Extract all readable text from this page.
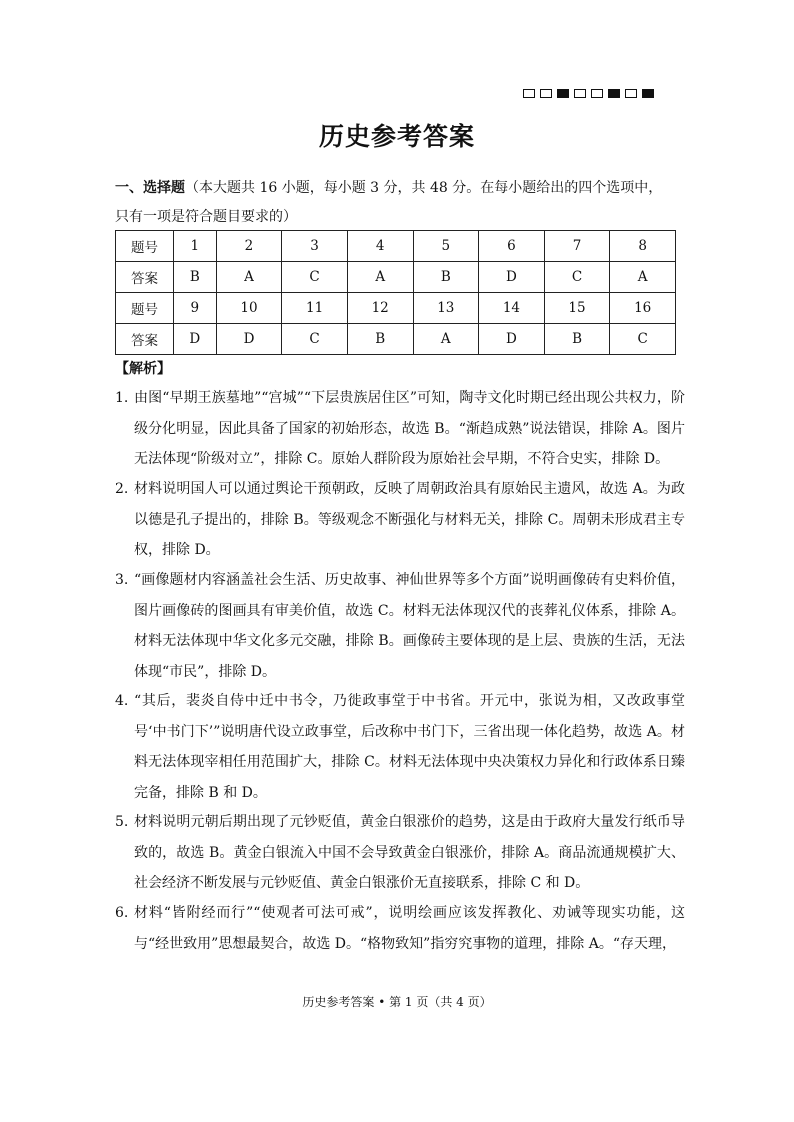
历史参考答案
一、选择题（本大题共 16 小题，每小题 3 分，共 48 分。在每小题给出的四个选项中，只有一项是符合题目要求的）
题号	1	2	3	4	5	6	7	8
答案	B	A	C	A	B	D	C	A
题号	9	10	11	12	13	14	15	16
答案	D	D	C	B	A	D	B	C
【解析】
1. 由图“早期王族墓地”“宫城”“下层贵族居住区”可知，陶寺文化时期已经出现公共权力，阶级分化明显，因此具备了国家的初始形态，故选 B。“渐趋成熟”说法错误，排除 A。图片无法体现“阶级对立”，排除 C。原始人群阶段为原始社会早期，不符合史实，排除 D。
2. 材料说明国人可以通过舆论干预朝政，反映了周朝政治具有原始民主遗风，故选 A。为政以德是孔子提出的，排除 B。等级观念不断强化与材料无关，排除 C。周朝未形成君主专权，排除 D。
3. “画像题材内容涵盖社会生活、历史故事、神仙世界等多个方面”说明画像砖有史料价值，图片画像砖的图画具有审美价值，故选 C。材料无法体现汉代的丧葬礼仪体系，排除 A。材料无法体现中华文化多元交融，排除 B。画像砖主要体现的是上层、贵族的生活，无法体现“市民”，排除 D。
4. “其后，裴炎自侍中迁中书令，乃徙政事堂于中书省。开元中，张说为相，又改政事堂号‘中书门下’”说明唐代设立政事堂，后改称中书门下，三省出现一体化趋势，故选 A。材料无法体现宰相任用范围扩大，排除 C。材料无法体现中央决策权力异化和行政体系日臻完备，排除 B 和 D。
5. 材料说明元朝后期出现了元钞贬值，黄金白银涨价的趋势，这是由于政府大量发行纸币导致的，故选 B。黄金白银流入中国不会导致黄金白银涨价，排除 A。商品流通规模扩大、社会经济不断发展与元钞贬值、黄金白银涨价无直接联系，排除 C 和 D。
6. 材料“皆附经而行”“使观者可法可戒”，说明绘画应该发挥教化、劝诫等现实功能，这与“经世致用”思想最契合，故选 D。“格物致知”指穷究事物的道理，排除 A。“存天理，
历史参考答案 • 第 1 页（共 4 页）
